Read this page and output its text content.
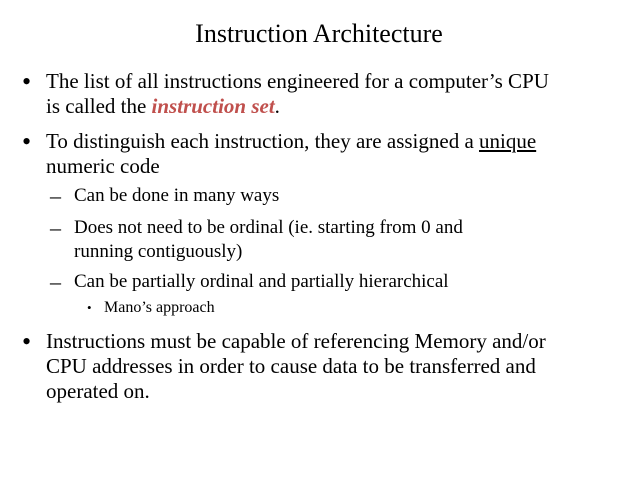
Instruction Architecture
• The list of all instructions engineered for a computer’s CPU
is called the instruction set.
• To distinguish each instruction, they are assigned a unique
numeric code
– Can be done in many ways
– Does not need to be ordinal (ie. starting from 0 and
running contiguously)
– Can be partially ordinal and partially hierarchical
• Mano’s approach
• Instructions must be capable of referencing Memory and/or
CPU addresses in order to cause data to be transferred and
operated on.
